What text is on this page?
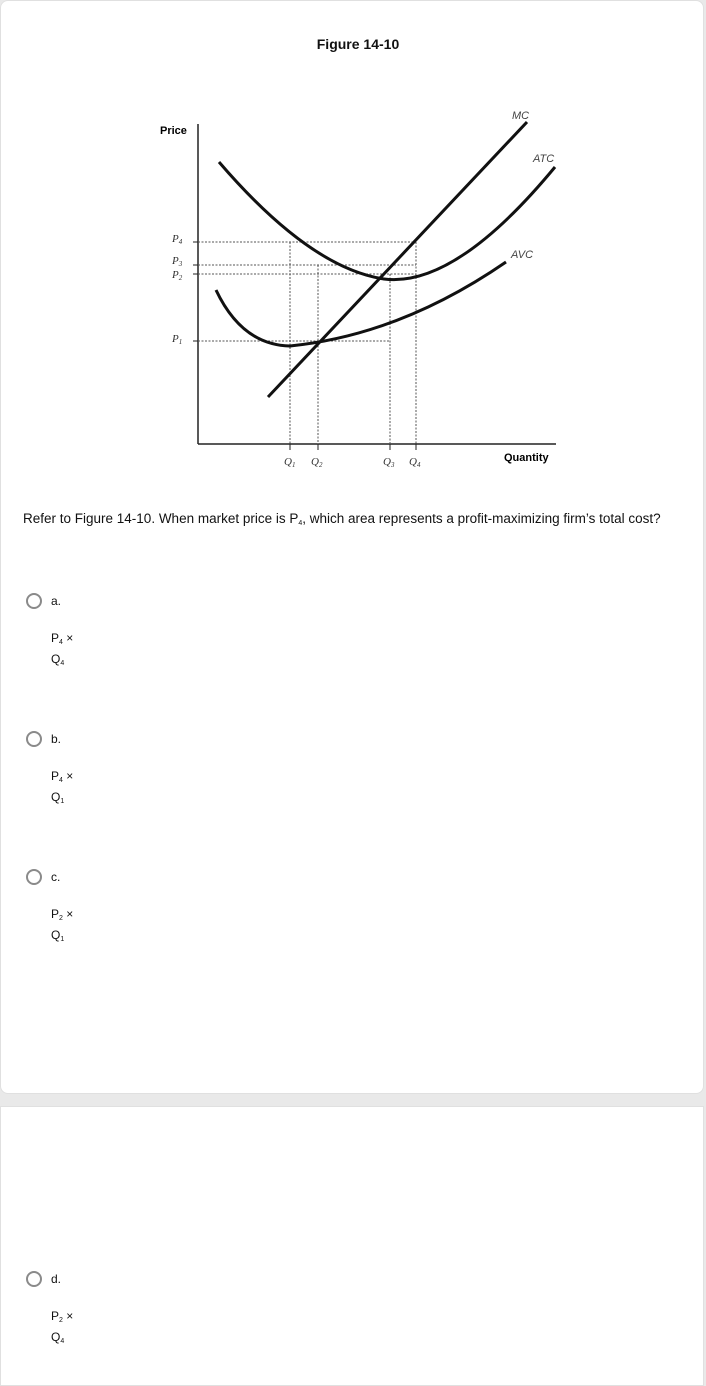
Figure 14-10
Price
Quantity
MC
ATC
AVC
P4
P3
P2
P1
Q1 Q2	Q3 Q4
Refer to Figure 14-10. When market price is $P_4$, which area represents a profit-maximizing firm’s total cost?
a.
$P_4$ ×
$Q_4$
b.
$P_4$ ×
$Q_1$
c.
$P_2$ ×
$Q_1$
d.
$P_2$ ×
$Q_4$
